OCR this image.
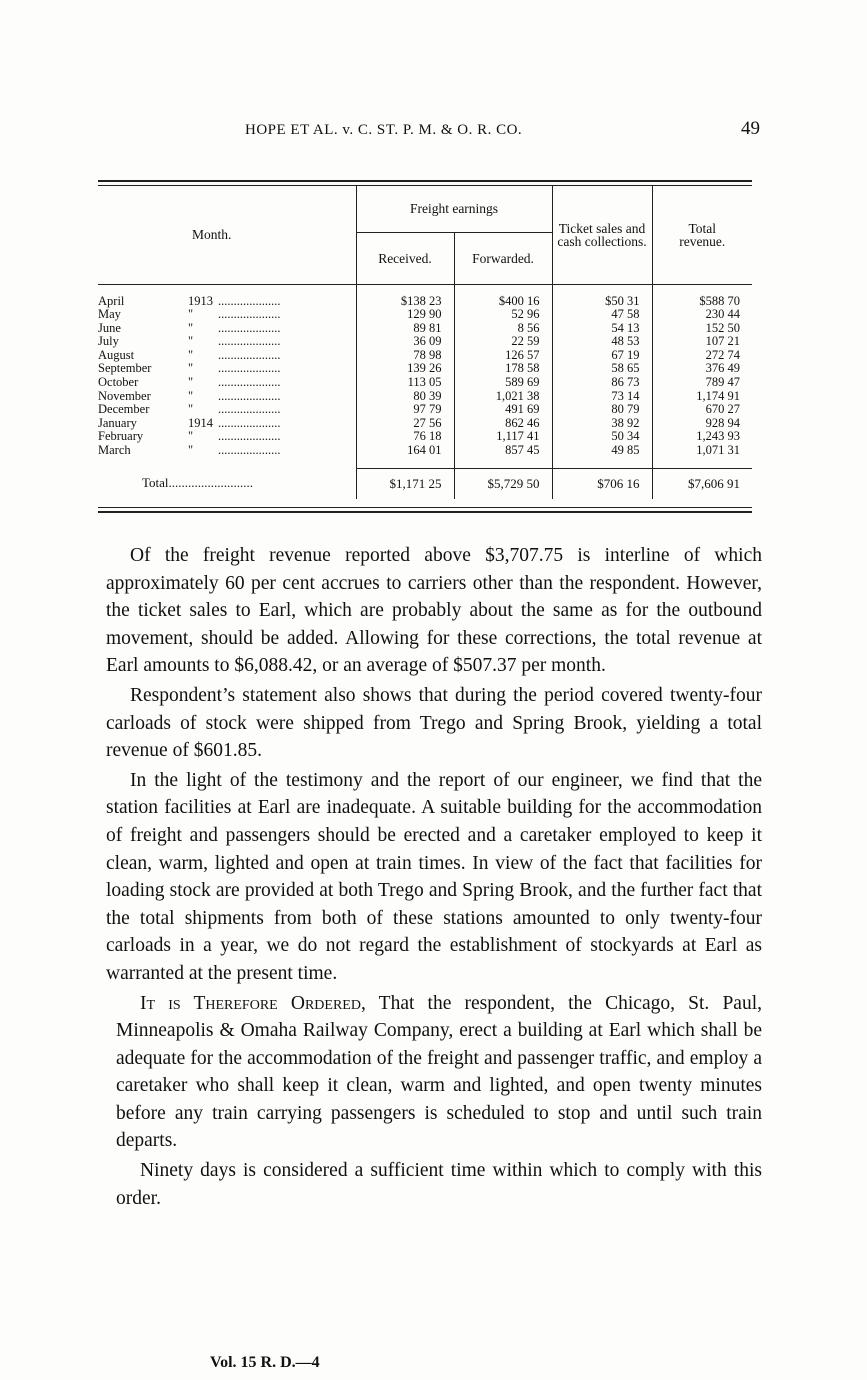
HOPE ET AL. v. C. ST. P. M. & O. R. CO.	49
Month.	Freight earnings		Ticket sales and cash collections.	Total revenue.
	Received.	Forwarded.		

April 1913 ....................	$138 23	$400 16	$50 31	$588 70
May " ....................	129 90	52 96	47 58	230 44
June " ....................	89 81	8 56	54 13	152 50
July " ....................	36 09	22 59	48 53	107 21
August " ....................	78 98	126 57	67 19	272 74
September " ....................	139 26	178 58	58 65	376 49
October " ....................	113 05	589 69	86 73	789 47
November " ....................	80 39	1,021 38	73 14	1,174 91
December " ....................	97 79	491 69	80 79	670 27
January 1914 ....................	27 56	862 46	38 92	928 94
February " ....................	76 18	1,117 41	50 34	1,243 93
March " ....................	164 01	857 45	49 85	1,071 31

Total..........................	$1,171 25	$5,729 50	$706 16	$7,606 91

Of the freight revenue reported above $3,707.75 is interline of which approximately 60 per cent accrues to carriers other than the respondent. However, the ticket sales to Earl, which are probably about the same as for the outbound movement, should be added. Allowing for these corrections, the total revenue at Earl amounts to $6,088.42, or an average of $507.37 per month.

Respondent’s statement also shows that during the period covered twenty-four carloads of stock were shipped from Trego and Spring Brook, yielding a total revenue of $601.85.

In the light of the testimony and the report of our engineer, we find that the station facilities at Earl are inadequate. A suitable building for the accommodation of freight and passengers should be erected and a caretaker employed to keep it clean, warm, lighted and open at train times. In view of the fact that facilities for loading stock are provided at both Trego and Spring Brook, and the further fact that the total shipments from both of these stations amounted to only twenty-four carloads in a year, we do not regard the establishment of stockyards at Earl as warranted at the present time.

It is Therefore Ordered, That the respondent, the Chicago, St. Paul, Minneapolis & Omaha Railway Company, erect a building at Earl which shall be adequate for the accommodation of the freight and passenger traffic, and employ a caretaker who shall keep it clean, warm and lighted, and open twenty minutes before any train carrying passengers is scheduled to stop and until such train departs.

Ninety days is considered a sufficient time within which to comply with this order.

Vol. 15 R. D.—4
